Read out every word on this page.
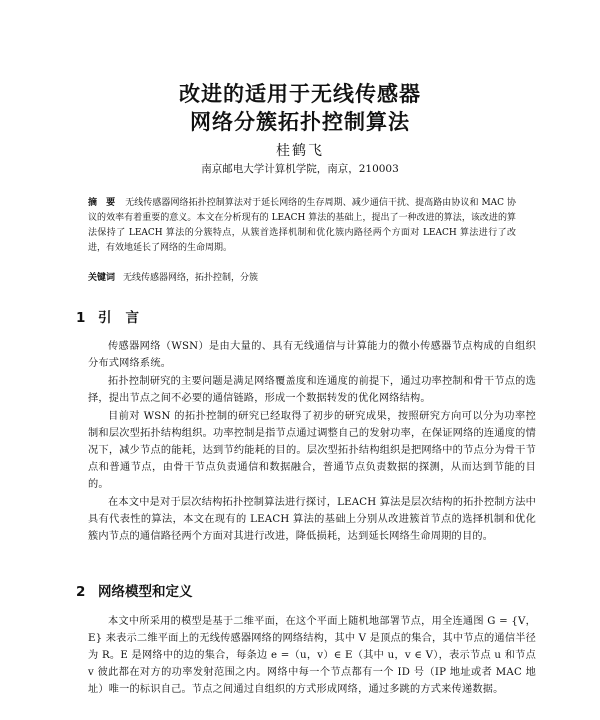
改进的适用于无线传感器
网络分簇拓扑控制算法
桂鹤飞
南京邮电大学计算机学院，南京，210003
摘　要 无线传感器网络拓扑控制算法对于延长网络的生存周期、减少通信干扰、提高路由协议和 MAC 协议的效率有着重要的意义。本文在分析现有的 LEACH 算法的基础上，提出了一种改进的算法，该改进的算法保持了 LEACH 算法的分簇特点，从簇首选择机制和优化簇内路径两个方面对 LEACH 算法进行了改进，有效地延长了网络的生命周期。
关键词 无线传感器网络，拓扑控制，分簇
1 引言

传感器网络（WSN）是由大量的、具有无线通信与计算能力的微小传感器节点构成的自组织分布式网络系统。

拓扑控制研究的主要问题是满足网络覆盖度和连通度的前提下，通过功率控制和骨干节点的选择，提出节点之间不必要的通信链路，形成一个数据转发的优化网络结构。

目前对 WSN 的拓扑控制的研究已经取得了初步的研究成果，按照研究方向可以分为功率控制和层次型拓扑结构组织。功率控制是指节点通过调整自己的发射功率，在保证网络的连通度的情况下，减少节点的能耗，达到节约能耗的目的。层次型拓扑结构组织是把网络中的节点分为骨干节点和普通节点，由骨干节点负责通信和数据融合，普通节点负责数据的探测，从而达到节能的目的。

在本文中是对于层次结构拓扑控制算法进行探讨，LEACH 算法是层次结构的拓扑控制方法中具有代表性的算法，本文在现有的 LEACH 算法的基础上分别从改进簇首节点的选择机制和优化簇内节点的通信路径两个方面对其进行改进，降低损耗，达到延长网络生命周期的目的。

2 网络模型和定义

本文中所采用的模型是基于二维平面，在这个平面上随机地部署节点，用全连通图 G = {V，E} 来表示二维平面上的无线传感器网络的网络结构，其中 V 是顶点的集合，其中节点的通信半径为 R。E 是网络中的边的集合，每条边 e =（u，v）∈ E（其中 u，v ∈ V），表示节点 u 和节点 v 彼此都在对方的功率发射范围之内。网络中每一个节点都有一个 ID 号（IP 地址或者 MAC 地址）唯一的标识自己。节点之间通过自组织的方式形成网络，通过多跳的方式来传递数据。
